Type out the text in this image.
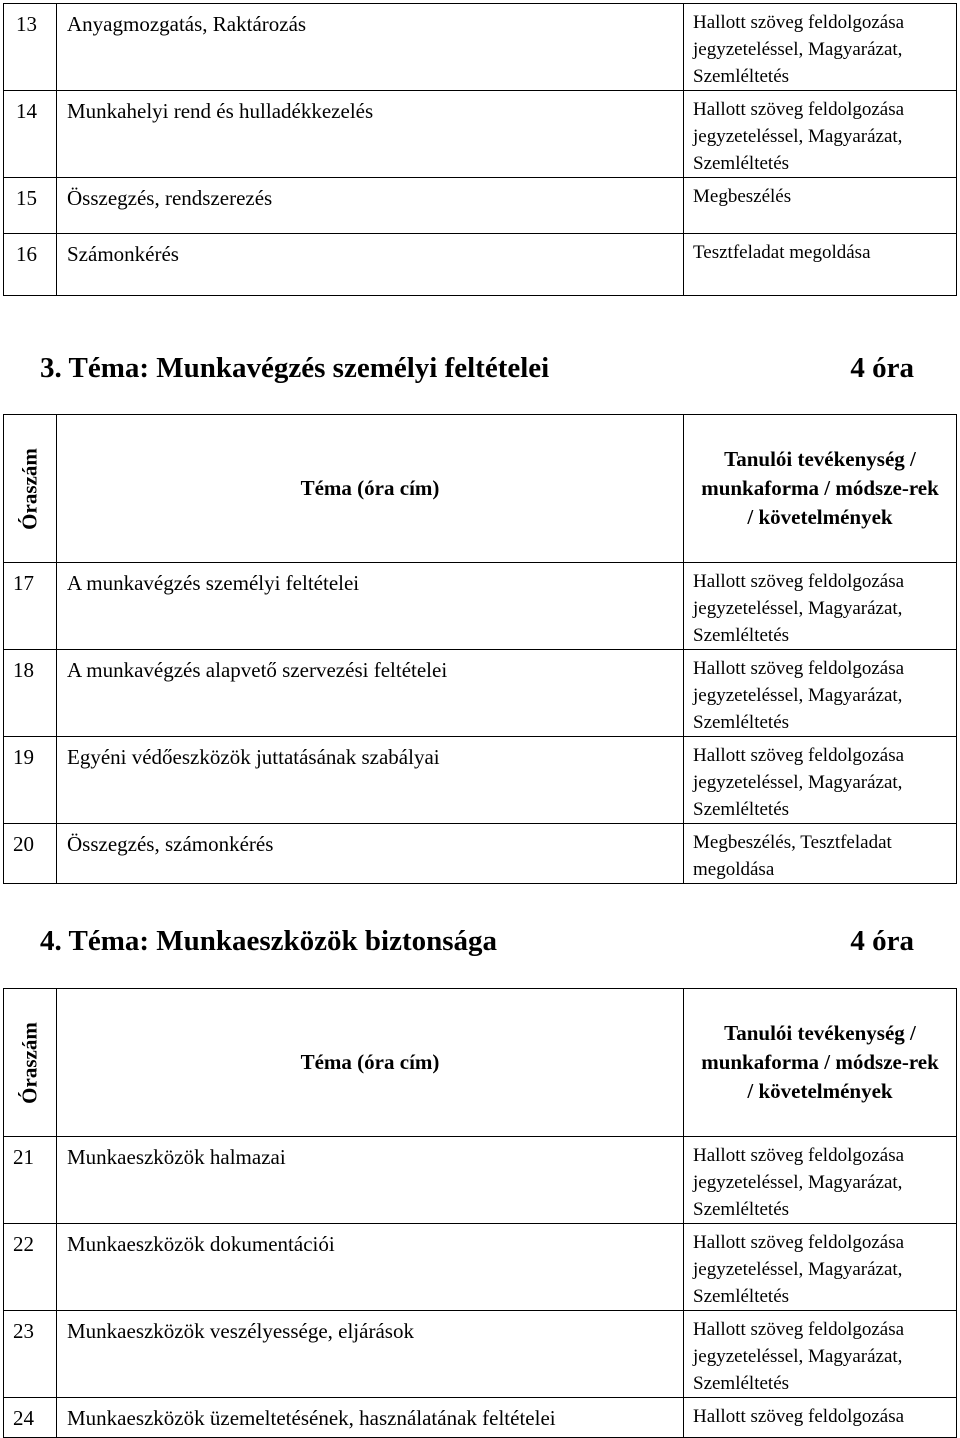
13	Anyagmozgatás, Raktározás	Hallott szöveg feldolgozása jegyzeteléssel, Magyarázat, Szemléltetés
14	Munkahelyi rend és hulladékkezelés	Hallott szöveg feldolgozása jegyzeteléssel, Magyarázat, Szemléltetés
15	Összegzés, rendszerezés	Megbeszélés
16	Számonkérés	Tesztfeladat megoldása
3. Téma: Munkavégzés személyi feltételei	4 óra
Óraszám	Téma (óra cím)	Tanulói tevékenység / munkaforma / módsze-rek / követelmények
17	A munkavégzés személyi feltételei	Hallott szöveg feldolgozása jegyzeteléssel, Magyarázat, Szemléltetés
18	A munkavégzés alapvető szervezési feltételei	Hallott szöveg feldolgozása jegyzeteléssel, Magyarázat, Szemléltetés
19	Egyéni védőeszközök juttatásának szabályai	Hallott szöveg feldolgozása jegyzeteléssel, Magyarázat, Szemléltetés
20	Összegzés, számonkérés	Megbeszélés, Tesztfeladat megoldása
4. Téma: Munkaeszközök biztonsága	4 óra
Óraszám	Téma (óra cím)	Tanulói tevékenység / munkaforma / módsze-rek / követelmények
21	Munkaeszközök halmazai	Hallott szöveg feldolgozása jegyzeteléssel, Magyarázat, Szemléltetés
22	Munkaeszközök dokumentációi	Hallott szöveg feldolgozása jegyzeteléssel, Magyarázat, Szemléltetés
23	Munkaeszközök veszélyessége, eljárások	Hallott szöveg feldolgozása jegyzeteléssel, Magyarázat, Szemléltetés
24	Munkaeszközök üzemeltetésének, használatának feltételei	Hallott szöveg feldolgozása
